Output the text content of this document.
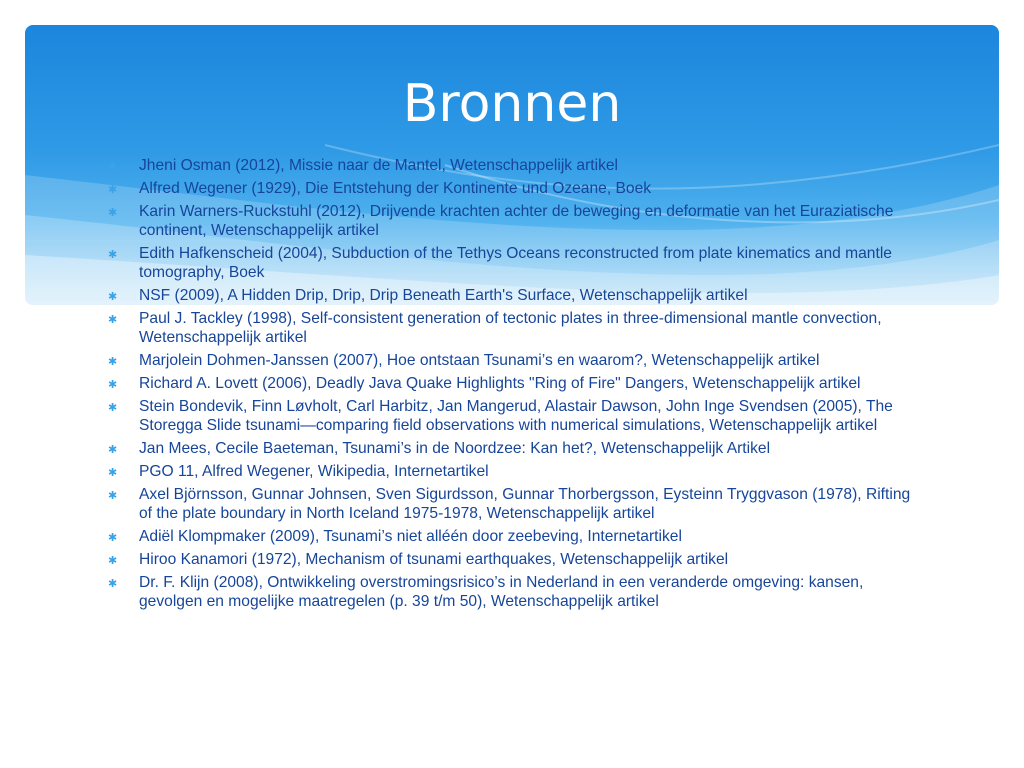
Bronnen
✱ Jheni Osman (2012), Missie naar de Mantel, Wetenschappelijk artikel
✱ Alfred Wegener (1929), Die Entstehung der Kontinente und Ozeane, Boek
✱ Karin Warners-Ruckstuhl (2012), Drijvende krachten achter de beweging en deformatie van het Euraziatische continent, Wetenschappelijk artikel
✱ Edith Hafkenscheid (2004), Subduction of the Tethys Oceans reconstructed from plate kinematics and mantle tomography, Boek
✱ NSF (2009), A Hidden Drip, Drip, Drip Beneath Earth's Surface, Wetenschappelijk artikel
✱ Paul J. Tackley (1998), Self-consistent generation of tectonic plates in three-dimensional mantle convection, Wetenschappelijk artikel
✱ Marjolein Dohmen-Janssen (2007), Hoe ontstaan Tsunami’s en waarom?, Wetenschappelijk artikel
✱ Richard A. Lovett (2006), Deadly Java Quake Highlights "Ring of Fire" Dangers, Wetenschappelijk artikel
✱ Stein Bondevik, Finn Løvholt, Carl Harbitz, Jan Mangerud, Alastair Dawson, John Inge Svendsen (2005), The Storegga Slide tsunami—comparing field observations with numerical simulations, Wetenschappelijk artikel
✱ Jan Mees, Cecile Baeteman, Tsunami’s in de Noordzee: Kan het?, Wetenschappelijk Artikel
✱ PGO 11, Alfred Wegener, Wikipedia, Internetartikel
✱ Axel Björnsson, Gunnar Johnsen, Sven Sigurdsson, Gunnar Thorbergsson, Eysteinn Tryggvason (1978), Rifting of the plate boundary in North Iceland 1975-1978, Wetenschappelijk artikel
✱ Adiël Klompmaker (2009), Tsunami’s niet alléén door zeebeving, Internetartikel
✱ Hiroo Kanamori (1972), Mechanism of tsunami earthquakes, Wetenschappelijk artikel
✱ Dr. F. Klijn (2008), Ontwikkeling overstromingsrisico’s in Nederland in een veranderde omgeving: kansen, gevolgen en mogelijke maatregelen (p. 39 t/m 50), Wetenschappelijk artikel
